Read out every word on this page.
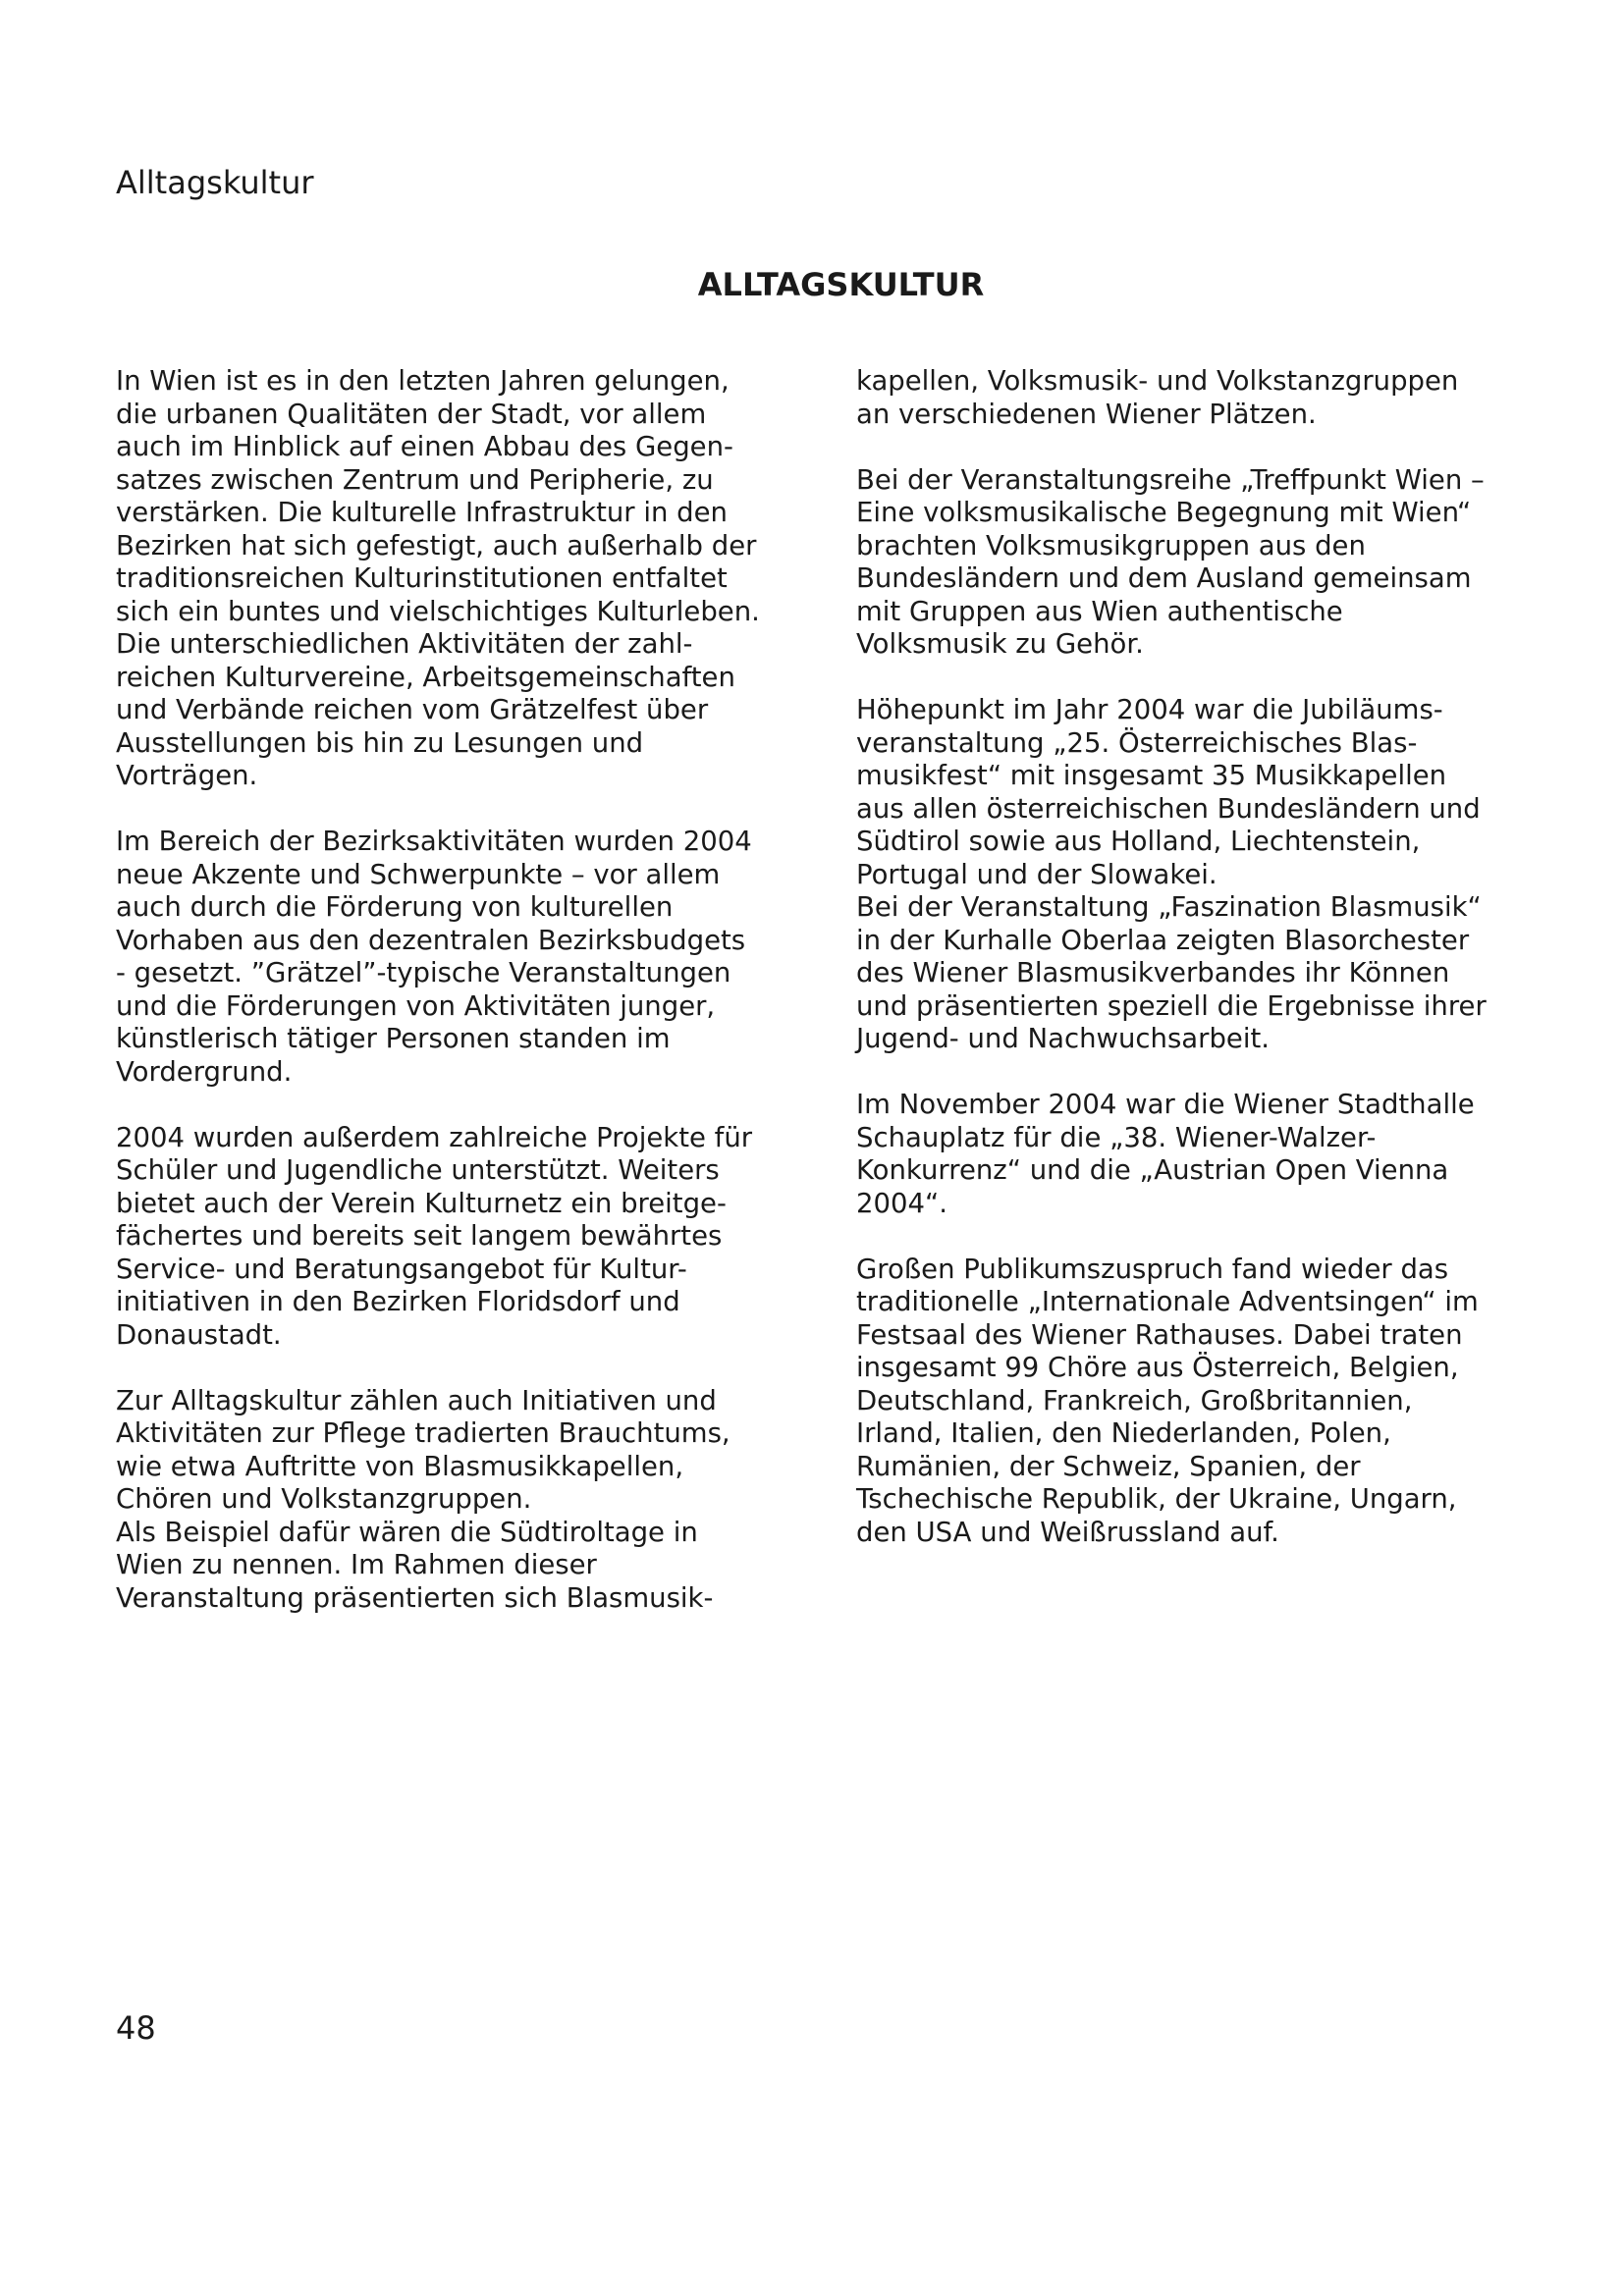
Alltagskultur
ALLTAGSKULTUR
In Wien ist es in den letzten Jahren gelungen,
die urbanen Qualitäten der Stadt, vor allem
auch im Hinblick auf einen Abbau des Gegen-
satzes zwischen Zentrum und Peripherie, zu
verstärken. Die kulturelle Infrastruktur in den
Bezirken hat sich gefestigt, auch außerhalb der
traditionsreichen Kulturinstitutionen entfaltet
sich ein buntes und vielschichtiges Kulturleben.
Die unterschiedlichen Aktivitäten der zahl-
reichen Kulturvereine, Arbeitsgemeinschaften
und Verbände reichen vom Grätzelfest über
Ausstellungen bis hin zu Lesungen und
Vorträgen.
Im Bereich der Bezirksaktivitäten wurden 2004
neue Akzente und Schwerpunkte – vor allem
auch durch die Förderung von kulturellen
Vorhaben aus den dezentralen Bezirksbudgets
- gesetzt. ”Grätzel”-typische Veranstaltungen
und die Förderungen von Aktivitäten junger,
künstlerisch tätiger Personen standen im
Vordergrund.
2004 wurden außerdem zahlreiche Projekte für
Schüler und Jugendliche unterstützt. Weiters
bietet auch der Verein Kulturnetz ein breitge-
fächertes und bereits seit langem bewährtes
Service- und Beratungsangebot für Kultur-
initiativen in den Bezirken Floridsdorf und
Donaustadt.
Zur Alltagskultur zählen auch Initiativen und
Aktivitäten zur Pflege tradierten Brauchtums,
wie etwa Auftritte von Blasmusikkapellen,
Chören und Volkstanzgruppen.
Als Beispiel dafür wären die Südtiroltage in
Wien zu nennen. Im Rahmen dieser
Veranstaltung präsentierten sich Blasmusik-
kapellen, Volksmusik- und Volkstanzgruppen
an verschiedenen Wiener Plätzen.
Bei der Veranstaltungsreihe „Treffpunkt Wien –
Eine volksmusikalische Begegnung mit Wien“
brachten Volksmusikgruppen aus den
Bundesländern und dem Ausland gemeinsam
mit Gruppen aus Wien authentische
Volksmusik zu Gehör.
Höhepunkt im Jahr 2004 war die Jubiläums-
veranstaltung „25. Österreichisches Blas-
musikfest“ mit insgesamt 35 Musikkapellen
aus allen österreichischen Bundesländern und
Südtirol sowie aus Holland, Liechtenstein,
Portugal und der Slowakei.
Bei der Veranstaltung „Faszination Blasmusik“
in der Kurhalle Oberlaa zeigten Blasorchester
des Wiener Blasmusikverbandes ihr Können
und präsentierten speziell die Ergebnisse ihrer
Jugend- und Nachwuchsarbeit.
Im November 2004 war die Wiener Stadthalle
Schauplatz für die „38. Wiener-Walzer-
Konkurrenz“ und die „Austrian Open Vienna
2004“.
Großen Publikumszuspruch fand wieder das
traditionelle „Internationale Adventsingen“ im
Festsaal des Wiener Rathauses. Dabei traten
insgesamt 99 Chöre aus Österreich, Belgien,
Deutschland, Frankreich, Großbritannien,
Irland, Italien, den Niederlanden, Polen,
Rumänien, der Schweiz, Spanien, der
Tschechische Republik, der Ukraine, Ungarn,
den USA und Weißrussland auf.
48
